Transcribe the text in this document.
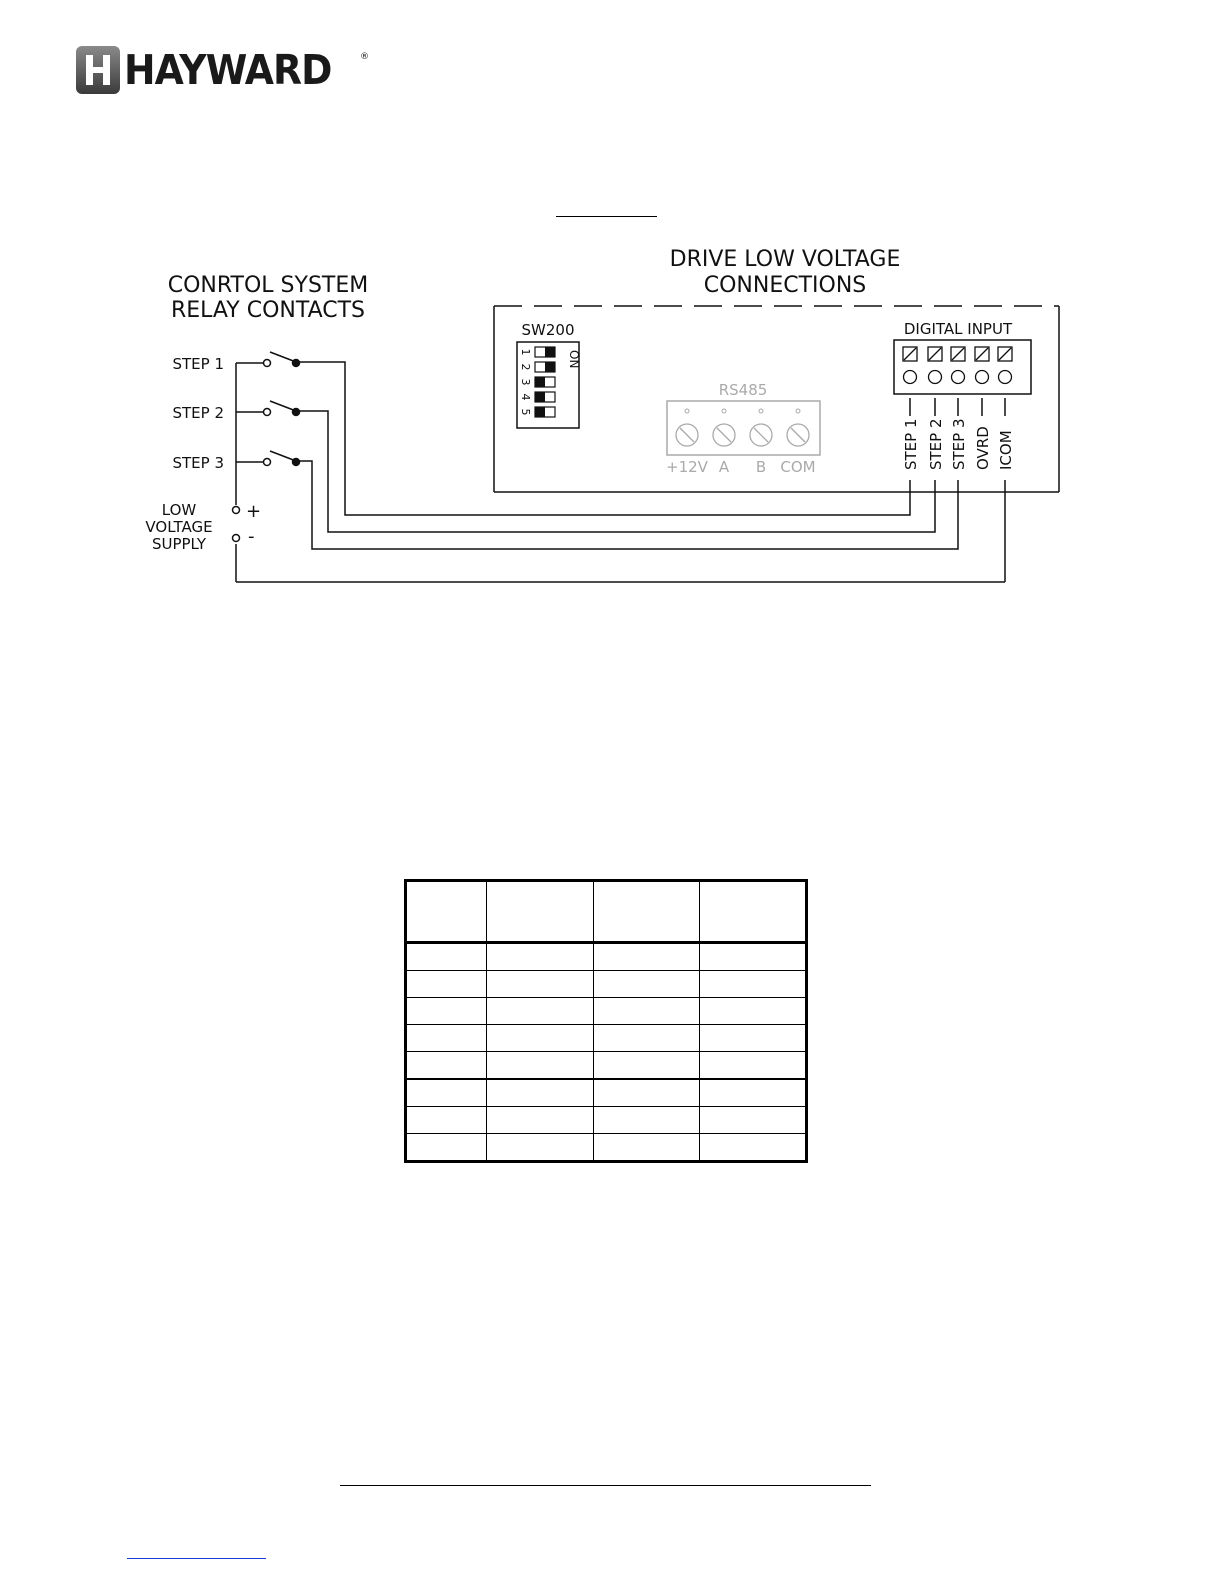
HAYWARD	®
CONRTOL SYSTEM
RELAY CONTACTS
DRIVE LOW VOLTAGE
CONNECTIONS
STEP 1
STEP 2
STEP 3
LOW
VOLTAGE
SUPPLY
+
-
SW200
ON
1
2
3
4
5
RS485
+12V A B COM
DIGITAL INPUT
STEP 1 STEP 2 STEP 3 OVRD ICOM
